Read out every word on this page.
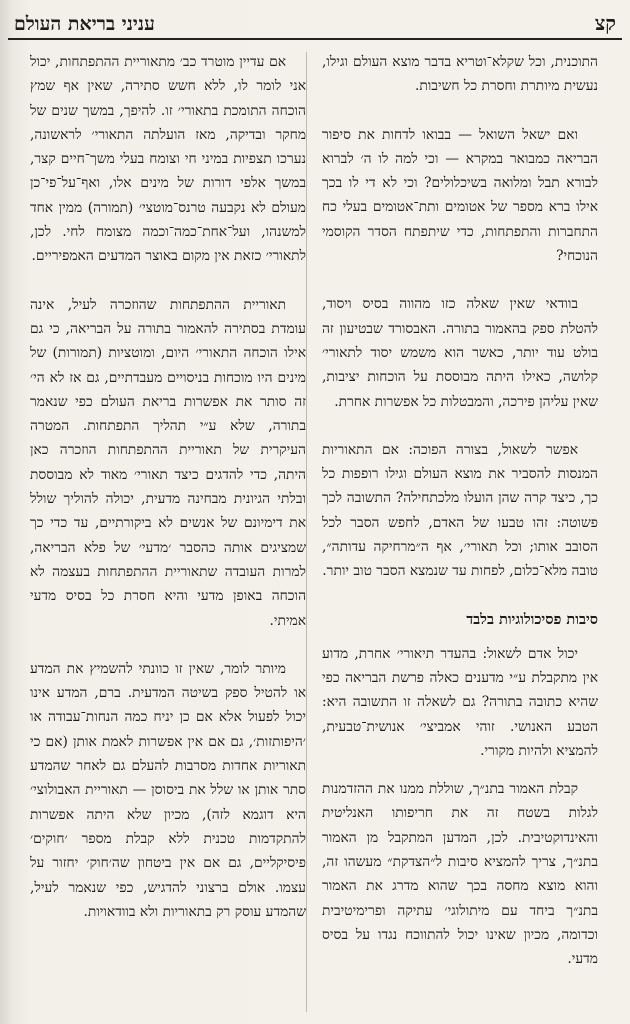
קצ
עניני בריאת העולם

התוכנית, וכל שקלא־וטריא בדבר מוצא העולם וגילו, נעשית מיותרת וחסרת כל חשיבות.

ואם ישאל השואל — בבואו לדחות את סיפור הבריאה כמבואר במקרא — וכי למה לו ה׳ לברוא לבורא תבל ומלואה בשיכלולים? וכי לא די לו בכך אילו ברא מספר של אטומים ותת־אטומים בעלי כח התחברות והתפתחות, כדי שיתפתח הסדר הקוסמי הנוכחי?

בוודאי שאין שאלה כזו מהווה בסיס ויסוד, להטלת ספק בהאמור בתורה. האבסורד שבטיעון זה בולט עוד יותר, כאשר הוא משמש יסוד לתאורי׳ קלושה, כאילו היתה מבוססת על הוכחות יציבות, שאין עליהן פירכה, והמבטלות כל אפשרות אחרת.

אפשר לשאול, בצורה הפוכה: אם התאוריות המנסות להסביר את מוצא העולם וגילו רופפות כל כך, כיצד קרה שהן הועלו מלכתחילה? התשובה לכך פשוטה: זהו טבעו של האדם, לחפש הסבר לכל הסובב אותו; וכל תאורי׳, אף ה״מרחיקה עדותה״, טובה מלא־כלום, לפחות עד שנמצא הסבר טוב יותר.

סיבות פסיכולוגיות בלבד

יכול אדם לשאול: בהעדר תיאורי׳ אחרת, מדוע אין מתקבלת ע״י מדענים כאלה פרשת הבריאה כפי שהיא כתובה בתורה? גם לשאלה זו התשובה היא: הטבע האנושי. זוהי אמביצי׳ אנושית־טבעית, להמציא ולהיות מקורי.

קבלת האמור בתנ״ך, שוללת ממנו את ההזדמנות לגלות בשטח זה את חריפותו האנליטית והאינדוקטיבית. לכן, המדען המתקבל מן האמור בתנ״ך, צריך להמציא סיבות ל״הצדקת״ מעשהו זה, והוא מוצא מחסה בכך שהוא מדרג את האמור בתנ״ך ביחד עם מיתולוגי׳ עתיקה ופרימיטיבית וכדומה, מכיון שאינו יכול להתווכח נגדו על בסיס מדעי.

אם עדיין מוטרד כב׳ מתאוריית ההתפתחות, יכול אני לומר לו, ללא חשש סתירה, שאין אף שמץ הוכחה התומכת בתאורי׳ זו. להיפך, במשך שנים של מחקר ובדיקה, מאז הועלתה התאורי׳ לראשונה, נערכו תצפיות במיני חי וצומח בעלי משך־חיים קצר, במשך אלפי דורות של מינים אלו, ואף־על־פי־כן מעולם לא נקבעה טרנס־מוטצי׳ (תמורה) ממין אחד למשנהו, ועל־אחת־כמה־וכמה מצומח לחי. לכן, לתאורי׳ כזאת אין מקום באוצר המדעים האמפיריים.

תאוריית ההתפתחות שהוזכרה לעיל, אינה עומדת בסתירה להאמור בתורה על הבריאה, כי גם אילו הוכחה התאורי׳ היום, ומוטציות (תמורות) של מינים היו מוכחות בניסויים מעבדתיים, גם אז לא הי׳ זה סותר את אפשרות בריאת העולם כפי שנאמר בתורה, שלא ע״י תהליך התפתחות. המטרה העיקרית של תאוריית ההתפתחות הוזכרה כאן היתה, כדי להדגים כיצד תאורי׳ מאוד לא מבוססת ובלתי הגיונית מבחינה מדעית, יכולה להוליך שולל את דימיונם של אנשים לא ביקורתיים, עד כדי כך שמציגים אותה כהסבר ׳מדעי׳ של פלא הבריאה, למרות העובדה שתאוריית ההתפתחות בעצמה לא הוכחה באופן מדעי והיא חסרת כל בסיס מדעי אמיתי.

מיותר לומר, שאין זו כוונתי להשמיץ את המדע או להטיל ספק בשיטה המדעית. ברם, המדע אינו יכול לפעול אלא אם כן יניח כמה הנחות־עבודה או ׳היפותזות׳, גם אם אין אפשרות לאמת אותן (אם כי תאוריות אחדות מסרבות להעלם גם לאחר שהמדע סתר אותן או שלל את ביסוסן — תאוריית האבולוצי׳ היא דוגמא לזה), מכיון שלא היתה אפשרות להתקדמות טכנית ללא קבלת מספר ׳חוקים׳ פיסיקליים, גם אם אין ביטחון שה׳חוק׳ יחזור על עצמו. אולם ברצוני להדגיש, כפי שנאמר לעיל, שהמדע עוסק רק בתאוריות ולא בוודאויות.
